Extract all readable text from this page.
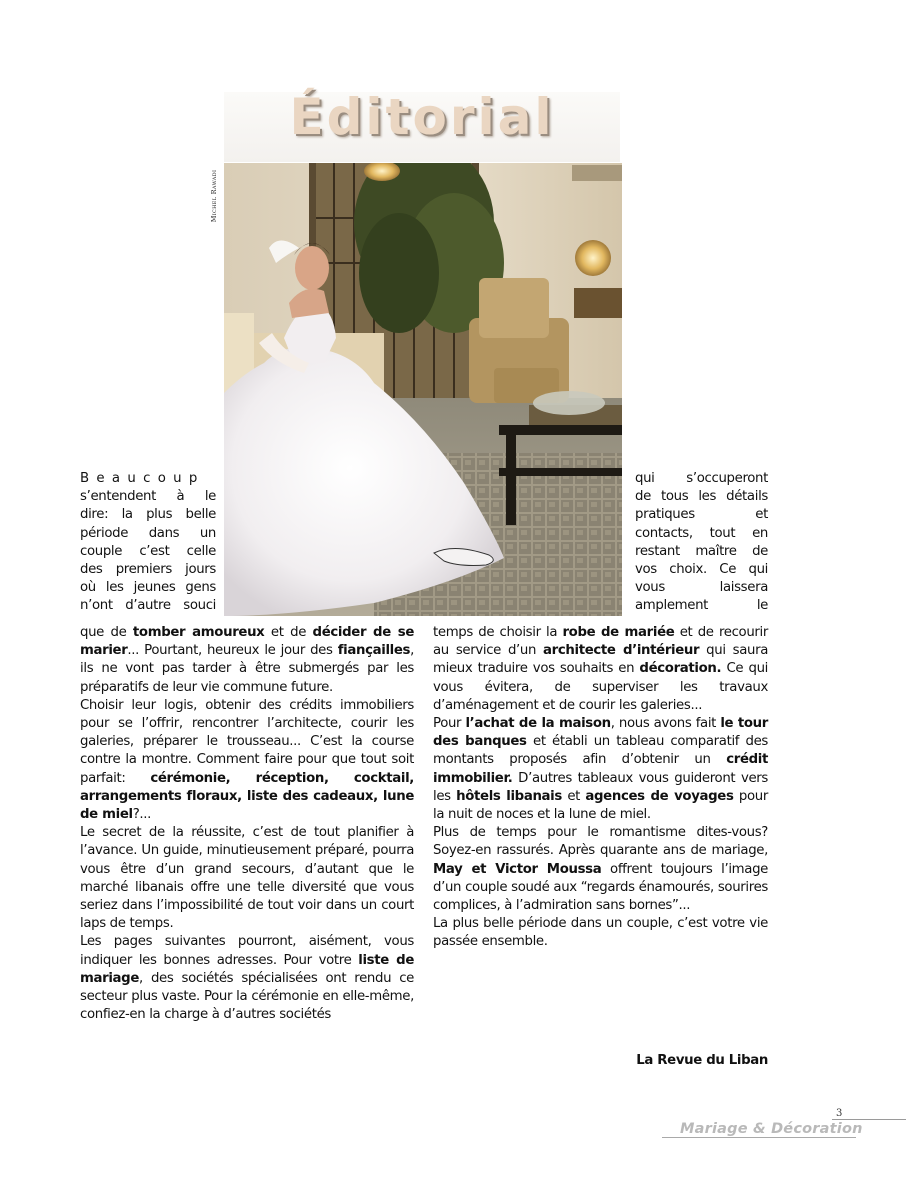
Éditorial
Michel Rawadi
Beaucoup
s’entendent à le
dire: la plus belle
période dans un
couple c’est celle
des premiers jours
où les jeunes gens
n’ont d’autre souci
qui s’occuperont
de tous les détails
pratiques et
contacts, tout en
restant maître de
vos choix. Ce qui
vous laissera
amplement le

que de tomber amoureux et de décider de se marier... Pourtant, heureux le jour des fiançailles, ils ne vont pas tarder à être submergés par les préparatifs de leur vie commune future.

Choisir leur logis, obtenir des crédits immobiliers pour se l’offrir, rencontrer l’architecte, courir les galeries, préparer le trousseau... C’est la course contre la montre. Comment faire pour que tout soit parfait: cérémonie, réception, cocktail, arrangements floraux, liste des cadeaux, lune de miel?...

Le secret de la réussite, c’est de tout planifier à l’avance. Un guide, minutieusement préparé, pourra vous être d’un grand secours, d’autant que le marché libanais offre une telle diversité que vous seriez dans l’impossibilité de tout voir dans un court laps de temps.

Les pages suivantes pourront, aisément, vous indiquer les bonnes adresses. Pour votre liste de mariage, des sociétés spécialisées ont rendu ce secteur plus vaste. Pour la cérémonie en elle-même, confiez-en la charge à d’autres sociétés

temps de choisir la robe de mariée et de recourir au service d’un architecte d’intérieur qui saura mieux traduire vos souhaits en décoration. Ce qui vous évitera, de superviser les travaux d’aménagement et de courir les galeries...

Pour l’achat de la maison, nous avons fait le tour des banques et établi un tableau comparatif des montants proposés afin d’obtenir un crédit immobilier. D’autres tableaux vous guideront vers les hôtels libanais et agences de voyages pour la nuit de noces et la lune de miel.

Plus de temps pour le romantisme dites-vous? Soyez-en rassurés. Après quarante ans de mariage, May et Victor Moussa offrent toujours l’image d’un couple soudé aux “regards énamourés, sourires complices, à l’admiration sans bornes”...

La plus belle période dans un couple, c’est votre vie passée ensemble.

La Revue du Liban
3
Mariage & Décoration
